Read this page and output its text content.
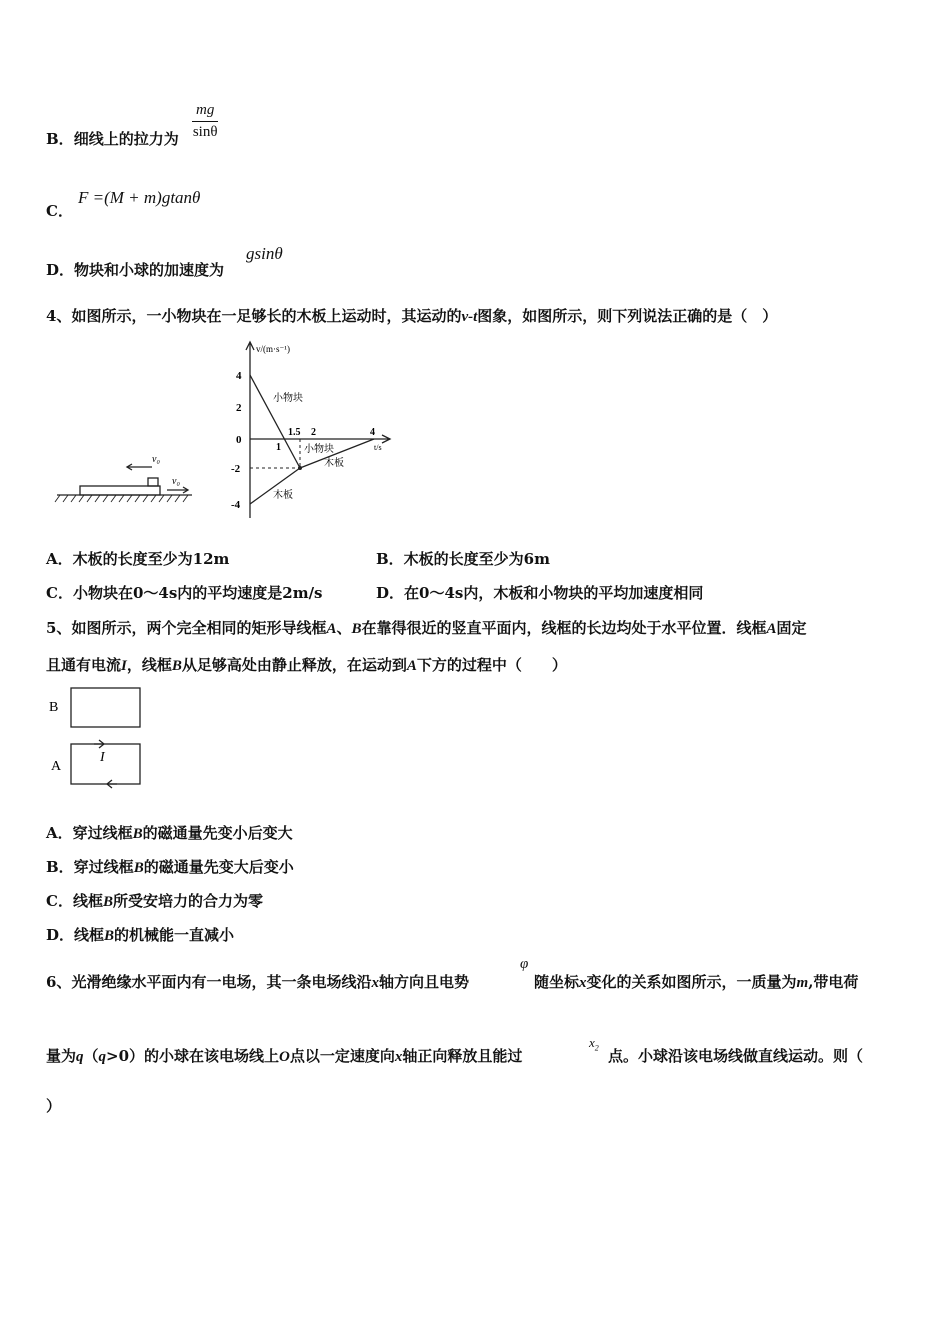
B．细线上的拉力为
mg
sinθ
C．
F =(M + m)gtanθ
D．物块和小球的加速度为
gsinθ
4、如图所示，一小物块在一足够长的木板上运动时，其运动的v-t图象，如图所示，则下列说法正确的是（　）
v₀
v₀
v/(m·s⁻¹)
4
2
0
-2
-4
1
1.5 2	4
t/s
小物块
小物块
木板
木板
A．木板的长度至少为12m	B．木板的长度至少为6m
C．小物块在0～4s内的平均速度是2m/s	D．在0～4s内，木板和小物块的平均加速度相同
5、如图所示，两个完全相同的矩形导线框A、B在靠得很近的竖直平面内，线框的长边均处于水平位置．线框A固定
且通有电流I，线框B从足够高处由静止释放，在运动到A下方的过程中（　　）
B
A
I
A．穿过线框B的磁通量先变小后变大
B．穿过线框B的磁通量先变大后变小
C．线框B所受安培力的合力为零
D．线框B的机械能一直减小
6、光滑绝缘水平面内有一电场，其一条电场线沿x轴方向且电势
φ
随坐标x变化的关系如图所示，一质量为m,带电荷
量为q（q>0）的小球在该电场线上O点以一定速度向x轴正向释放且能过
$x_2$ 点。小球沿该电场线做直线运动。则（
）
